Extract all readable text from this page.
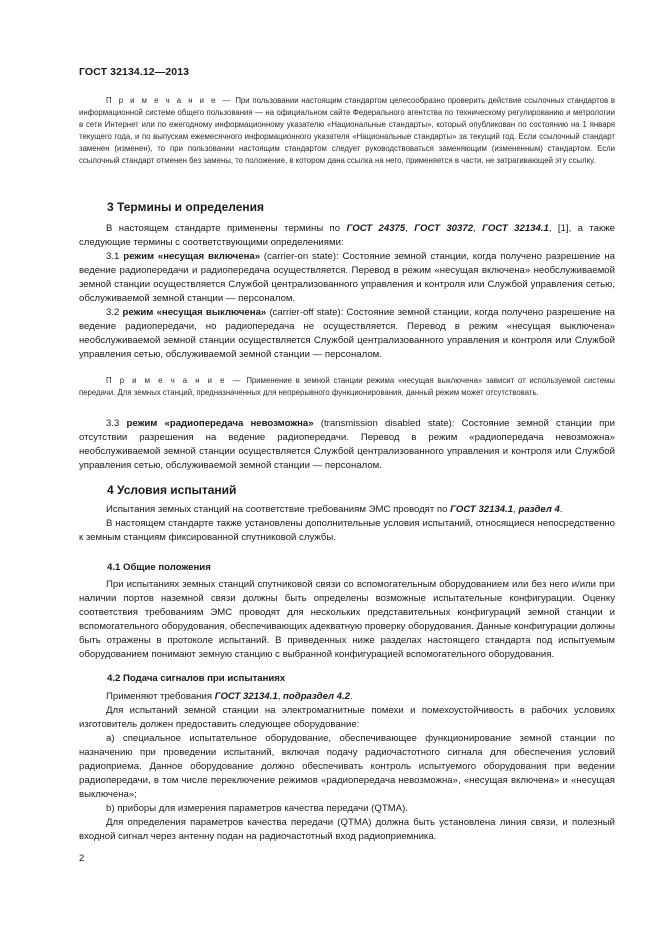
ГОСТ 32134.12—2013

П р и м е ч а н и е — При пользовании настоящим стандартом целесообразно проверить действие ссылочных стандартов в информационной системе общего пользования — на официальном сайте Федерального агентства по техническому регулированию и метрологии в сети Интернет или по ежегодному информационному указателю «Национальные стандарты», который опубликован по состоянию на 1 января текущего года, и по выпускам ежемесячного информационного указателя «Национальные стандарты» за текущий год. Если ссылочный стандарт заменен (изменен), то при пользовании настоящим стандартом следует руководствоваться заменяющим (измененным) стандартом. Если ссылочный стандарт отменен без замены, то положение, в котором дана ссылка на него, применяется в части, не затрагивающей эту ссылку.

3 Термины и определения

В настоящем стандарте применены термины по ГОСТ 24375, ГОСТ 30372, ГОСТ 32134.1, [1], а также следующие термины с соответствующими определениями:

3.1 режим «несущая включена» (carrier-on state): Состояние земной станции, когда получено разрешение на ведение радиопередачи и радиопередача осуществляется. Перевод в режим «несущая включена» необслуживаемой земной станции осуществляется Службой централизованного управления и контроля или Службой управления сетью, обслуживаемой земной станции — персоналом.

3.2 режим «несущая выключена» (carrier-off state): Состояние земной станции, когда получено разрешение на ведение радиопередачи, но радиопередача не осуществляется. Перевод в режим «несущая выключена» необслуживаемой земной станции осуществляется Службой централизованного управления и контроля или Службой управления сетью, обслуживаемой земной станции — персоналом.

П р и м е ч а н и е — Применение в земной станции режима «несущая выключена» зависит от используемой системы передачи. Для земных станций, предназначенных для непрерывного функционирования, данный режим может отсутствовать.

3.3 режим «радиопередача невозможна» (transmission disabled state): Состояние земной станции при отсутствии разрешения на ведение радиопередачи. Перевод в режим «радиопередача невозможна» необслуживаемой земной станции осуществляется Службой централизованного управления и контроля или Службой управления сетью, обслуживаемой земной станции — персоналом.

4 Условия испытаний

Испытания земных станций на соответствие требованиям ЭМС проводят по ГОСТ 32134.1, раздел 4.

В настоящем стандарте также установлены дополнительные условия испытаний, относящиеся непосредственно к земным станциям фиксированной спутниковой службы.

4.1 Общие положения

При испытаниях земных станций спутниковой связи со вспомогательным оборудованием или без него и/или при наличии портов наземной связи должны быть определены возможные испытательные конфигурации. Оценку соответствия требованиям ЭМС проводят для нескольких представительных конфигураций земной станции и вспомогательного оборудования, обеспечивающих адекватную проверку оборудования. Данные конфигурации должны быть отражены в протоколе испытаний. В приведенных ниже разделах настоящего стандарта под испытуемым оборудованием понимают земную станцию с выбранной конфигурацией вспомогательного оборудования.

4.2 Подача сигналов при испытаниях

Применяют требования ГОСТ 32134.1, подраздел 4.2.

Для испытаний земной станции на электромагнитные помехи и помехоустойчивость в рабочих условиях изготовитель должен предоставить следующее оборудование:

a) специальное испытательное оборудование, обеспечивающее функционирование земной станции по назначению при проведении испытаний, включая подачу радиочастотного сигнала для обеспечения условий радиоприема. Данное оборудование должно обеспечивать контроль испытуемого оборудования при ведении радиопередачи, в том числе переключение режимов «радиопередача невозможна», «несущая включена» и «несущая выключена»;

b) приборы для измерения параметров качества передачи (QTMA).

Для определения параметров качества передачи (QTMA) должна быть установлена линия связи, и полезный входной сигнал через антенну подан на радиочастотный вход радиоприемника.

2
